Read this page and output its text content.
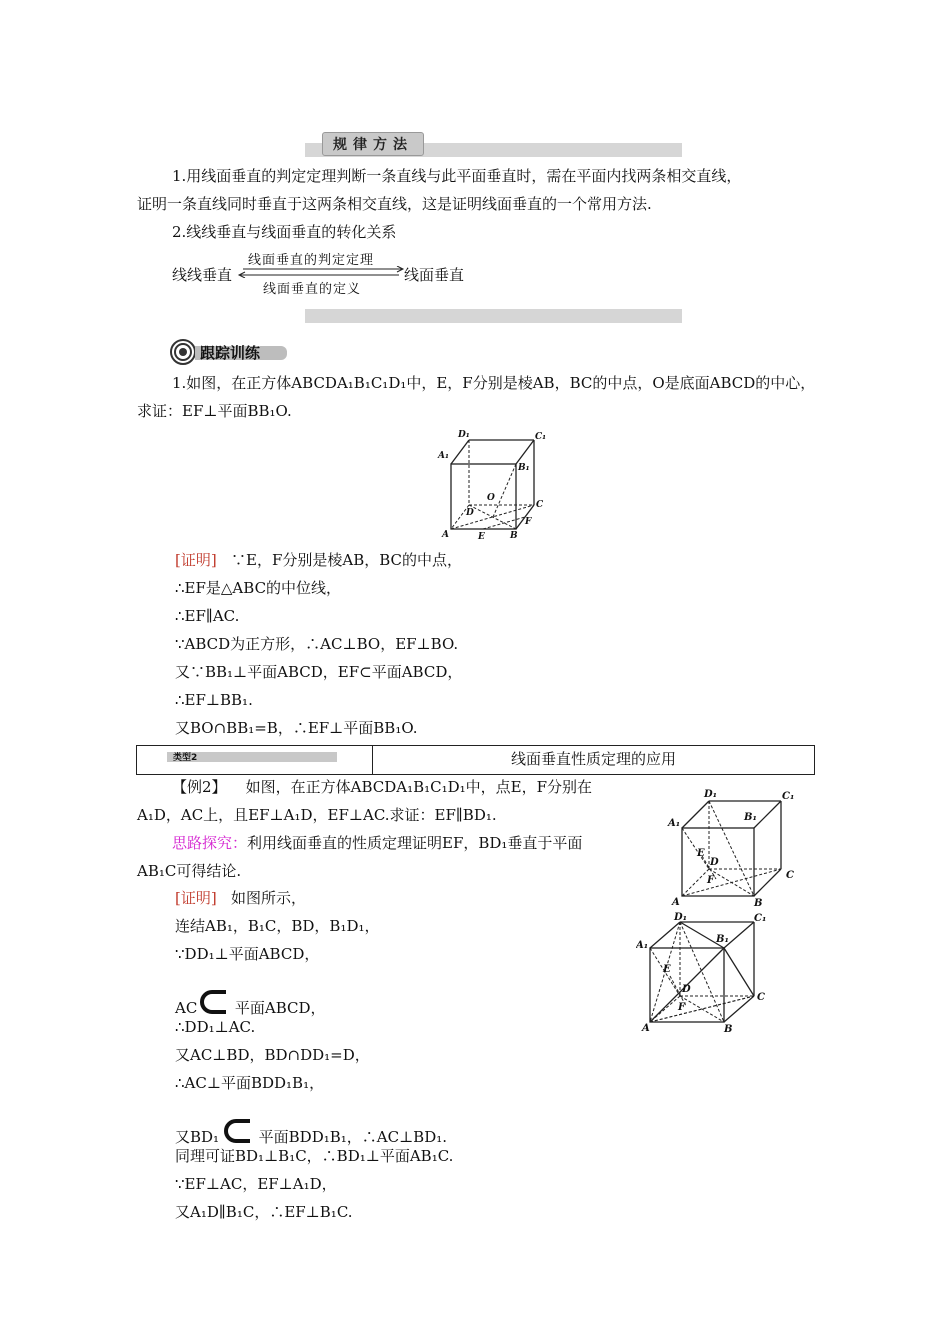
规律方法
1.用线面垂直的判定定理判断一条直线与此平面垂直时，需在平面内找两条相交直线，
证明一条直线同时垂直于这两条相交直线，这是证明线面垂直的一个常用方法.
2.线线垂直与线面垂直的转化关系
线线垂直
线面垂直的判定定理
线面垂直的定义
线面垂直
跟踪训练
1.如图，在正方体ABCDA₁B₁C₁D₁中，E，F分别是棱AB，BC的中点，O是底面ABCD的中心，
求证：EF⊥平面BB₁O.
D₁	C₁
A₁
B₁
O
D
C
A	E	B
F
[证明] ∵E，F分别是棱AB，BC的中点，
∴EF是△ABC的中位线，
∴EF∥AC.
∵ABCD为正方形，∴AC⊥BO，EF⊥BO.
又∵BB₁⊥平面ABCD，EF⊂平面ABCD，
∴EF⊥BB₁.
又BO∩BB₁=B，∴EF⊥平面BB₁O.
类型2	线面垂直性质定理的应用
【例2】 如图，在正方体ABCDA₁B₁C₁D₁中，点E，F分别在
A₁D，AC上，且EF⊥A₁D，EF⊥AC.求证：EF∥BD₁.
思路探究：利用线面垂直的性质定理证明EF，BD₁垂直于平面
AB₁C可得结论.
[证明] 如图所示，
连结AB₁，B₁C，BD，B₁D₁，
∵DD₁⊥平面ABCD，
AC	平面ABCD，
∴DD₁⊥AC.
又AC⊥BD，BD∩DD₁=D，
∴AC⊥平面BDD₁B₁，
又BD₁	平面BDD₁B₁，∴AC⊥BD₁.
同理可证BD₁⊥B₁C，∴BD₁⊥平面AB₁C.
∵EF⊥AC，EF⊥A₁D，
又A₁D∥B₁C，∴EF⊥B₁C.
D₁	C₁
A₁
B₁
E
D
F	C
A	B
D₁	C₁
A₁
B₁
E
D
F
C
A	B
